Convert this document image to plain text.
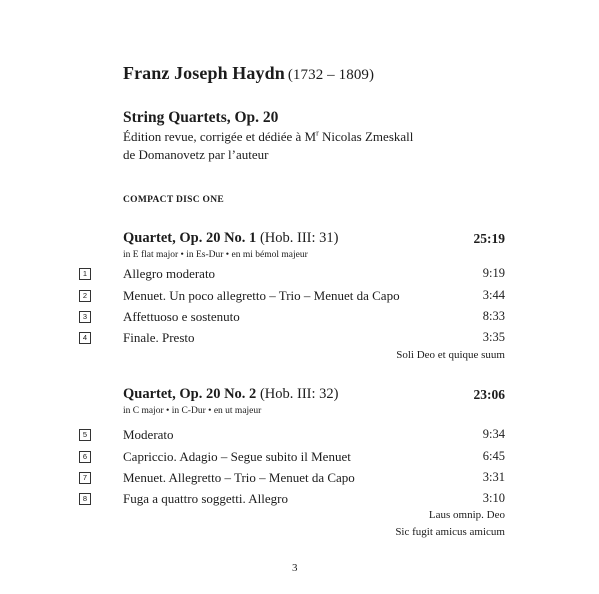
Franz Joseph Haydn (1732 – 1809)
String Quartets, Op. 20
Édition revue, corrigée et dédiée à $M^r$ Nicolas Zmeskall
de Domanovetz par l’auteur
COMPACT DISC ONE
Quartet, Op. 20 No. 1 (Hob. III: 31)	25:19
in E flat major • in Es-Dur • en mi bémol majeur
1	Allegro moderato	9:19
2	Menuet. Un poco allegretto – Trio – Menuet da Capo	3:44
3	Affettuoso e sostenuto	8:33
4	Finale. Presto	3:35
Soli Deo et quique suum
Quartet, Op. 20 No. 2 (Hob. III: 32)	23:06
in C major • in C-Dur • en ut majeur
5	Moderato	9:34
6	Capriccio. Adagio – Segue subito il Menuet	6:45
7	Menuet. Allegretto – Trio – Menuet da Capo	3:31
8	Fuga a quattro soggetti. Allegro	3:10
Laus omnip. Deo
Sic fugit amicus amicum
3
